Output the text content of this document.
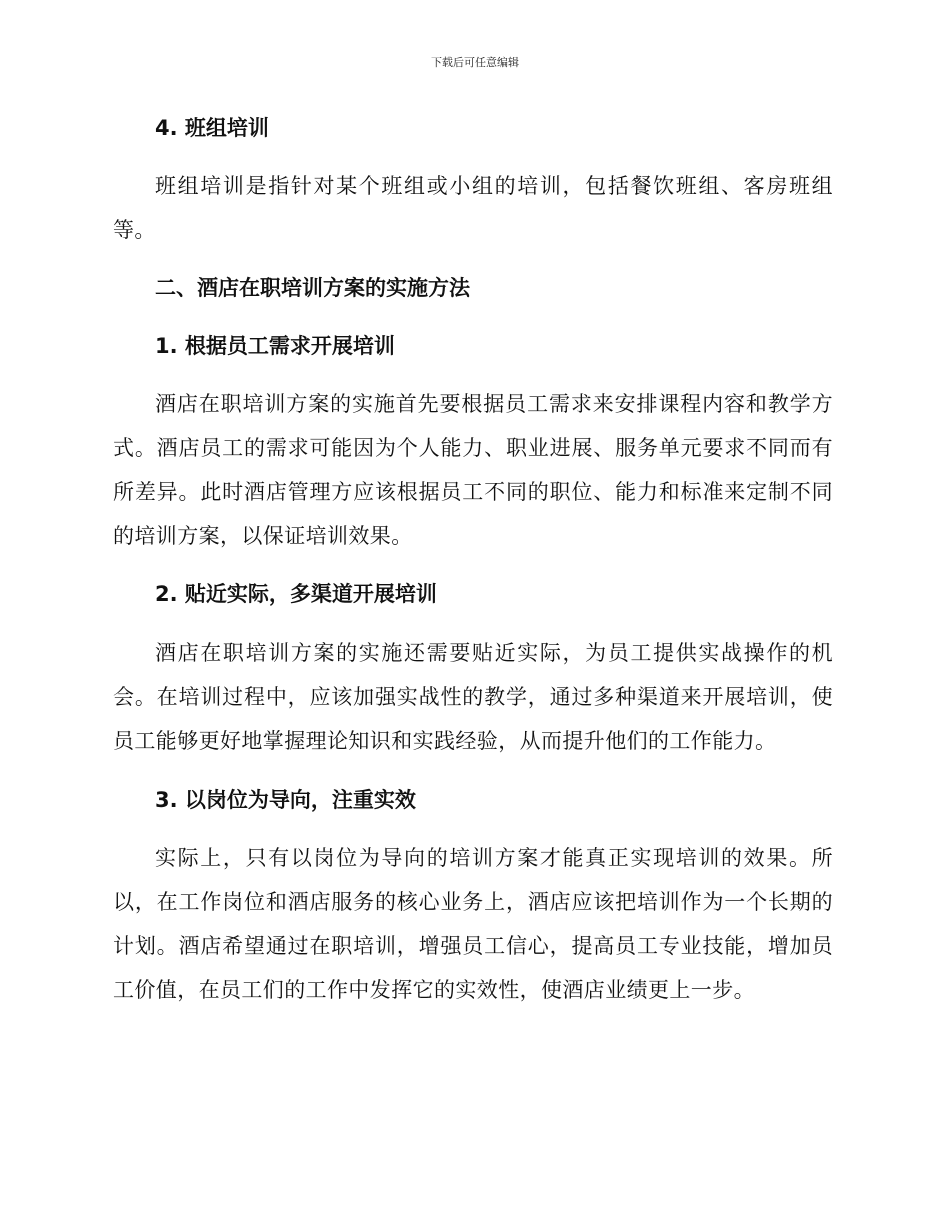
下载后可任意编辑
4. 班组培训

班组培训是指针对某个班组或小组的培训，包括餐饮班组、客房班组等。

二、酒店在职培训方案的实施方法
1. 根据员工需求开展培训

酒店在职培训方案的实施首先要根据员工需求来安排课程内容和教学方式。酒店员工的需求可能因为个人能力、职业进展、服务单元要求不同而有所差异。此时酒店管理方应该根据员工不同的职位、能力和标准来定制不同的培训方案，以保证培训效果。

2. 贴近实际，多渠道开展培训

酒店在职培训方案的实施还需要贴近实际，为员工提供实战操作的机会。在培训过程中，应该加强实战性的教学，通过多种渠道来开展培训，使员工能够更好地掌握理论知识和实践经验，从而提升他们的工作能力。

3. 以岗位为导向，注重实效

实际上，只有以岗位为导向的培训方案才能真正实现培训的效果。所以，在工作岗位和酒店服务的核心业务上，酒店应该把培训作为一个长期的计划。酒店希望通过在职培训，增强员工信心，提高员工专业技能，增加员工价值，在员工们的工作中发挥它的实效性，使酒店业绩更上一步。
